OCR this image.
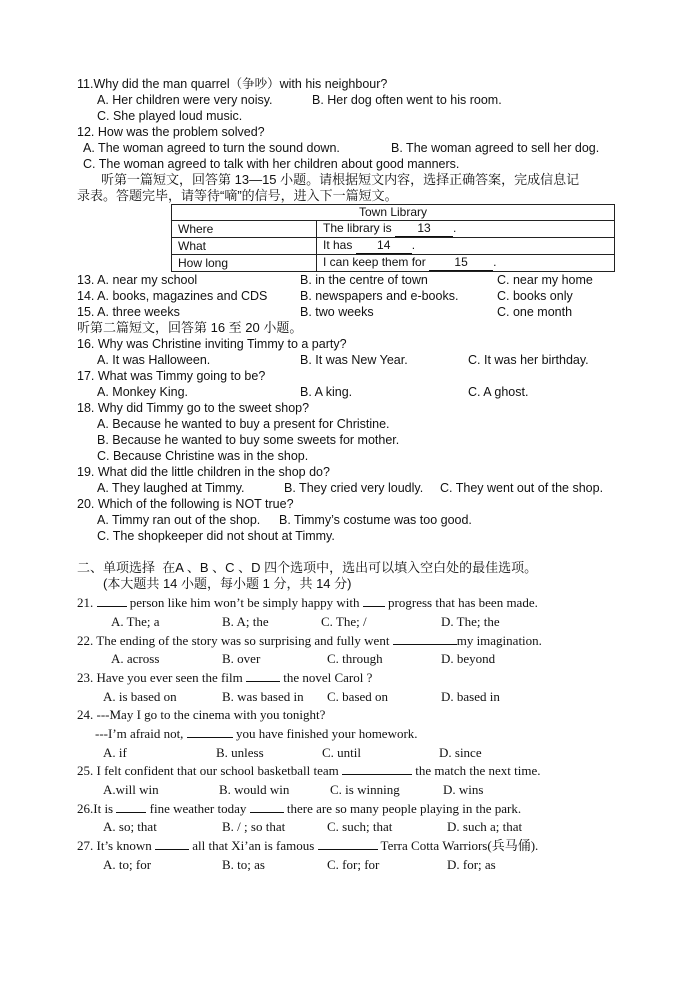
11.Why did the man quarrel（争吵）with his neighbour?
A. Her children were very noisy.	B. Her dog often went to his room.
C. She played loud music.
12. How was the problem solved?
A. The woman agreed to turn the sound down.	B. The woman agreed to sell her dog.
C. The woman agreed to talk with her children about good manners.
听第一篇短文，回答第 13—15 小题。请根据短文内容，选择正确答案，完成信息记
录表。答题完毕，请等待“嘀”的信号，进入下一篇短文。
Town Library	
Where	The library is 13 .
What	It has 14 .
How long	I can keep them for 15 .
13. A. near my school	B. in the centre of town	C. near my home
14. A. books, magazines and CDS	B. newspapers and e-books.	C. books only
15. A. three weeks	B. two weeks	C. one month
听第二篇短文，回答第 16 至 20 小题。
16. Why was Christine inviting Timmy to a party?
A. It was Halloween.	B. It was New Year.	C. It was her birthday.
17. What was Timmy going to be?
A. Monkey King.	B. A king.	C. A ghost.
18. Why did Timmy go to the sweet shop?
A. Because he wanted to buy a present for Christine.
B. Because he wanted to buy some sweets for mother.
C. Because Christine was in the shop.
19. What did the little children in the shop do?
A. They laughed at Timmy.	B. They cried very loudly. C. They went out of the shop.
20. Which of the following is NOT true?
A. Timmy ran out of the shop. B. Timmy’s costume was too good.
C. The shopkeeper did not shout at Timmy.
二、单项选择 在A 、B 、C 、D 四个选项中，选出可以填入空白处的最佳选项。
(本大题共 14 小题，每小题 1 分，共 14 分)
21.	person like him won’t be simply happy with progress that has been made.
A. The; a	B. A; the	C. The; /	D. The; the
22. The ending of the story was so surprising and fully went	my imagination.
A. across	B. over	C. through	D. beyond
23. Have you ever seen the film	the novel Carol ?
A. is based on	B. was based in C. based on	D. based in
24. ---May I go to the cinema with you tonight?
---I’m afraid not,	you have finished your homework.
A. if	B. unless	C. until	D. since
25. I felt confident that our school basketball team	the match the next time.
A.will win	B. would win	C. is winning	D. wins
26.It is	fine weather today	there are so many people playing in the park.
A. so; that	B. / ; so that	C. such; that	D. such a; that
27. It’s known	all that Xi’an is famous	Terra Cotta Warriors(兵马俑).
A. to; for	B. to; as	C. for; for	D. for; as
